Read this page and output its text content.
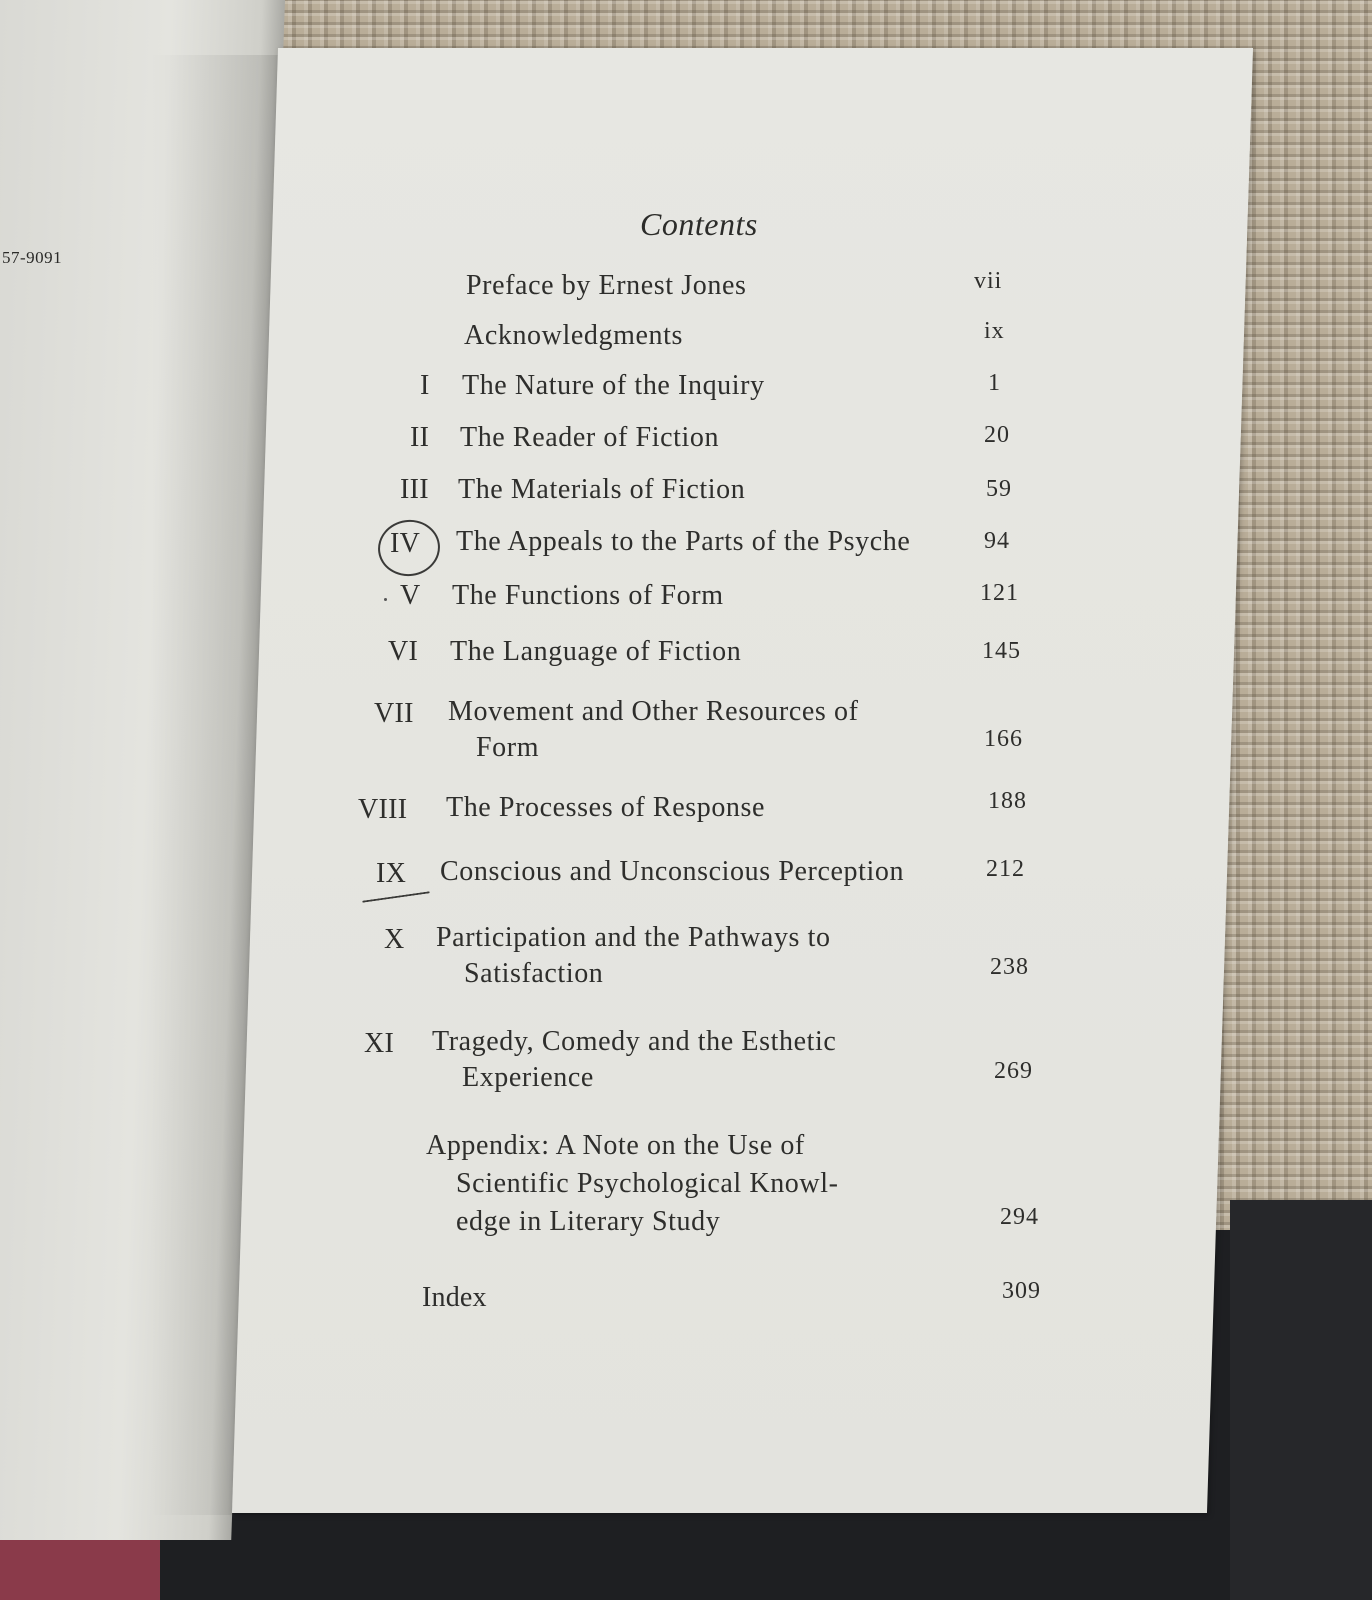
57-9091
Contents
Preface by Ernest Jones	vii
Acknowledgments	ix
I The Nature of the Inquiry	1
II The Reader of Fiction	20
III The Materials of Fiction	59
IV The Appeals to the Parts of the Psyche	94
V The Functions of Form	121
VI The Language of Fiction	145
VII Movement and Other Resources of
Form	166
VIII The Processes of Response	188
IX Conscious and Unconscious Perception	212
X Participation and the Pathways to
Satisfaction	238
XI Tragedy, Comedy and the Esthetic
Experience	269
Appendix: A Note on the Use of
Scientific Psychological Knowl-
edge in Literary Study	294
Index	309
